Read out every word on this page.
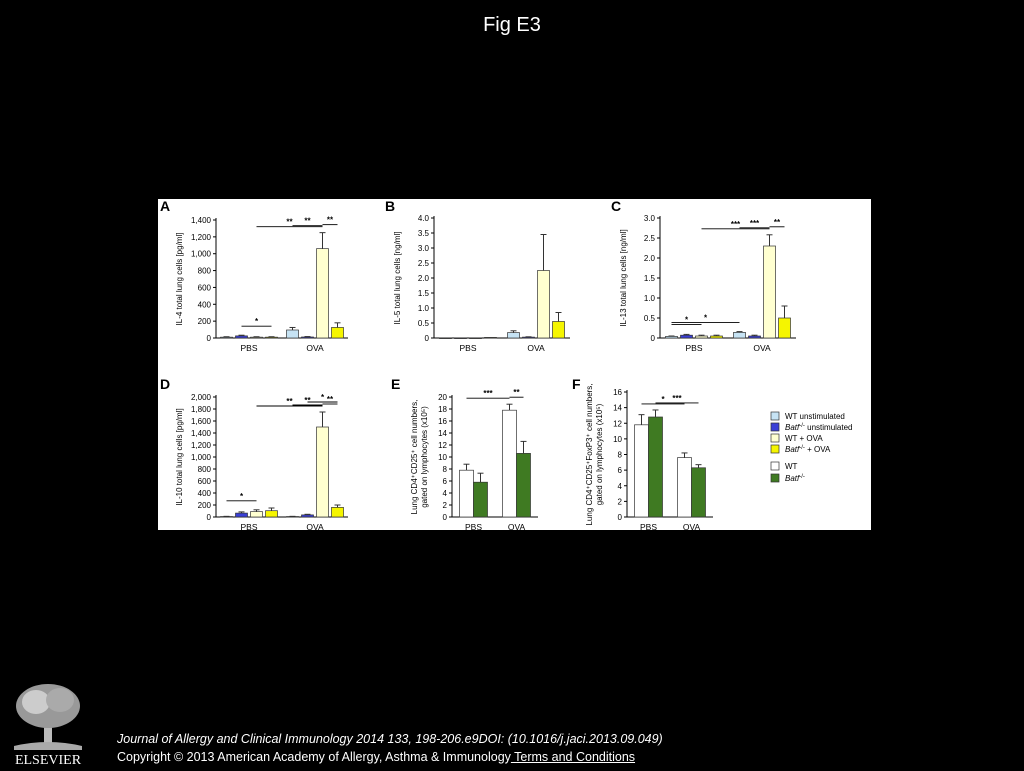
Fig E3
A
0
200
400
600
800
1,000
1,200
1,400
IL-4 total lung cells [pg/ml]
PBS	OVA
** ** **
*
B
0
0.5
1.0
1.5
2.0
2.5
3.0
3.5
4.0
IL-5 total lung cells [ng/ml]
PBS	OVA
C
0
0.5
1.0
1.5
2.0
2.5
3.0
IL-13 total lung cells [ng/ml]
PBS	OVA
*** *** **
*
*
D
0
200
400
600
800
1,000
1,200
1,400
1,600
1,800
2,000
IL-10 total lung cells [pg/ml]
PBS	OVA
** ** **
*
*
E
0
2
4
6
8
10
12
14
16
18
20
Lung CD4⁺CD25⁺ cell numbers, gated on lymphocytes (x10⁵)
PBS	OVA
***	**
F
0
2
4
6
8
10
12
14
16
Lung CD4⁺CD25⁺FoxP3⁺ cell numbers, gated on lymphocytes (x10⁵)
PBS	OVA
* ***
WT unstimulated
Batf-/- unstimulated
WT + OVA
Batf-/- + OVA
WT
Batf-/-
ELSEVIER
Journal of Allergy and Clinical Immunology 2014 133, 198-206.e9DOI: (10.1016/j.jaci.2013.09.049)
Copyright © 2013 American Academy of Allergy, Asthma & Immunology Terms and Conditions
